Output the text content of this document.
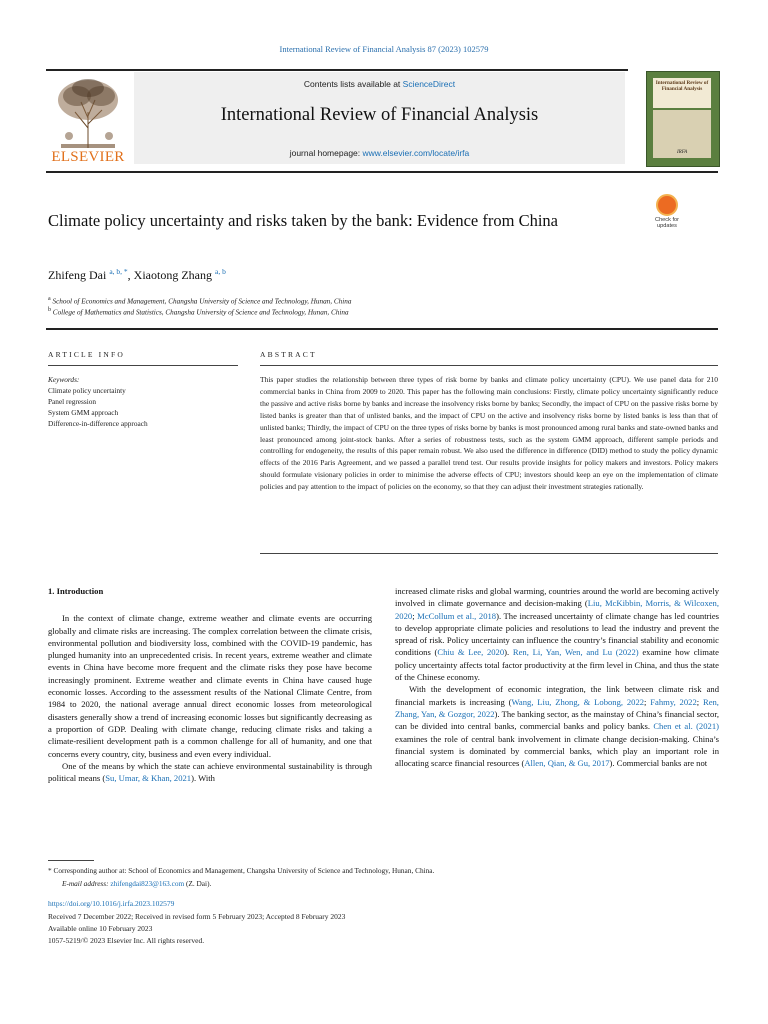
International Review of Financial Analysis 87 (2023) 102579
ELSEVIER
Contents lists available at ScienceDirect
International Review of Financial Analysis
journal homepage: www.elsevier.com/locate/irfa
International Review of Financial Analysis
IRFA
Check for
updates
Climate policy uncertainty and risks taken by the bank: Evidence from China
Zhifeng Dai $^{a, b, *}$, Xiaotong Zhang $^{a, b}$
$^a$ School of Economics and Management, Changsha University of Science and Technology, Hunan, China
$^b$ College of Mathematics and Statistics, Changsha University of Science and Technology, Hunan, China
ARTICLE INFO
Keywords:
Climate policy uncertainty
Panel regression
System GMM approach
Difference-in-difference approach
ABSTRACT
This paper studies the relationship between three types of risk borne by banks and climate policy uncertainty (CPU). We use panel data for 210 commercial banks in China from 2009 to 2020. This paper has the following main conclusions: Firstly, climate policy uncertainty significantly reduce the passive and active risks borne by banks and increase the insolvency risks borne by banks; Secondly, the impact of CPU on the passive risks borne by listed banks is greater than that of unlisted banks, and the impact of CPU on the active and insolvency risks borne by listed banks is less than that of unlisted banks; Thirdly, the impact of CPU on the three types of risks borne by banks is most pronounced among rural banks and state-owned banks and least pronounced among joint-stock banks. After a series of robustness tests, such as the system GMM approach, different sample periods and controlling for endogeneity, the results of this paper remain robust. We also used the difference in difference (DID) method to study the policy dynamic effects of the 2016 Paris Agreement, and we passed a parallel trend test. Our results provide insights for policy makers and investors. Policy makers should formulate visionary policies in order to minimise the adverse effects of CPU; investors should keep an eye on the implementation of climate policies and pay attention to the impact of policies on the economy, so that they can adjust their investment strategies rationally.
1. Introduction

In the context of climate change, extreme weather and climate events are occurring globally and climate risks are increasing. The complex correlation between the climate crisis, environmental pollution and biodiversity loss, combined with the COVID-19 pandemic, has plunged humanity into an unprecedented crisis. In recent years, extreme weather and climate events in China have become more frequent and the climate risks they pose have become increasingly prominent. Extreme weather and climate events in China have caused huge economic losses. According to the assessment results of the National Climate Centre, from 1984 to 2020, the national average annual direct economic losses from meteorological disasters generally show a trend of increasing economic losses but significantly decreasing as a proportion of GDP. Dealing with climate change, reducing climate risks and taking a climate-resilient development path is a common challenge for all of humanity, and one that concerns every country, city, business and even every individual.

One of the means by which the state can achieve environmental sustainability is through political means (Su, Umar, & Khan, 2021). With

increased climate risks and global warming, countries around the world are becoming actively involved in climate governance and decision-making (Liu, McKibbin, Morris, & Wilcoxen, 2020; McCollum et al., 2018). The increased uncertainty of climate change has led countries to develop appropriate climate policies and resolutions to lead the industry and prevent the spread of risk. Policy uncertainty can influence the country’s financial stability and economic conditions (Chiu & Lee, 2020). Ren, Li, Yan, Wen, and Lu (2022) examine how climate policy uncertainty affects total factor productivity at the firm level in China, and thus the state of the Chinese economy.

With the development of economic integration, the link between climate risk and financial markets is increasing (Wang, Liu, Zhong, & Lobong, 2022; Fahmy, 2022; Ren, Zhang, Yan, & Gozgor, 2022). The banking sector, as the mainstay of China’s financial sector, can be divided into central banks, commercial banks and policy banks. Chen et al. (2021) examines the role of central bank involvement in climate change decision-making. China’s financial system is dominated by commercial banks, which play an important role in allocating scarce financial resources (Allen, Qian, & Gu, 2017). Commercial banks are not

* Corresponding author at: School of Economics and Management, Changsha University of Science and Technology, Hunan, China.
E-mail address: zhifengdai823@163.com (Z. Dai).
https://doi.org/10.1016/j.irfa.2023.102579
Received 7 December 2022; Received in revised form 5 February 2023; Accepted 8 February 2023
Available online 10 February 2023
1057-5219/© 2023 Elsevier Inc. All rights reserved.
